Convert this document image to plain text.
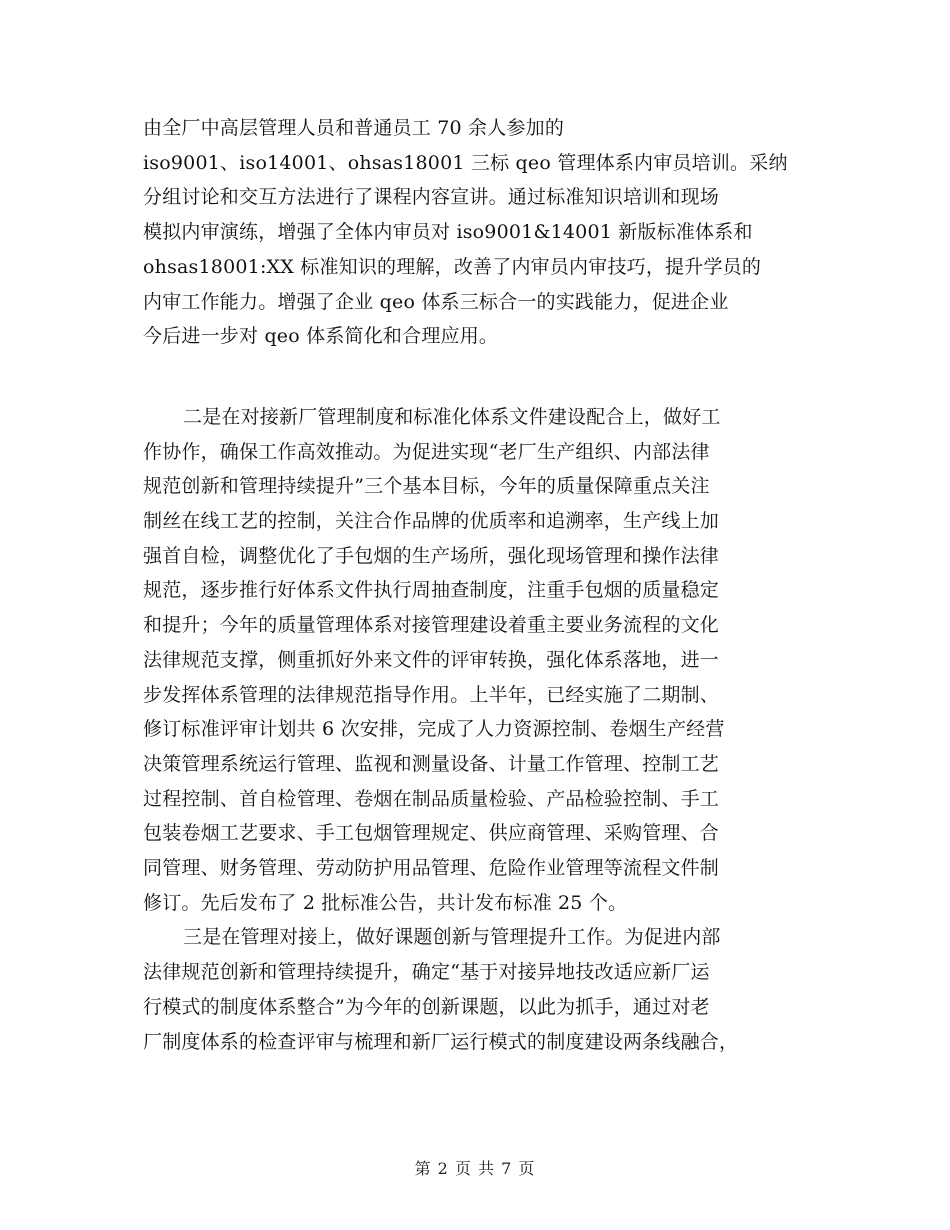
由全厂中高层管理人员和普通员工 70 余人参加的
iso9001、iso14001、ohsas18001 三标 qeo 管理体系内审员培训。采纳
分组讨论和交互方法进行了课程内容宣讲。通过标准知识培训和现场
模拟内审演练，增强了全体内审员对 iso9001&14001 新版标准体系和
ohsas18001:XX 标准知识的理解，改善了内审员内审技巧，提升学员的
内审工作能力。增强了企业 qeo 体系三标合一的实践能力，促进企业
今后进一步对 qeo 体系简化和合理应用。
二是在对接新厂管理制度和标准化体系文件建设配合上，做好工
作协作，确保工作高效推动。为促进实现“老厂生产组织、内部法律
规范创新和管理持续提升”三个基本目标，今年的质量保障重点关注
制丝在线工艺的控制，关注合作品牌的优质率和追溯率，生产线上加
强首自检，调整优化了手包烟的生产场所，强化现场管理和操作法律
规范，逐步推行好体系文件执行周抽查制度，注重手包烟的质量稳定
和提升；今年的质量管理体系对接管理建设着重主要业务流程的文化
法律规范支撑，侧重抓好外来文件的评审转换，强化体系落地，进一
步发挥体系管理的法律规范指导作用。上半年，已经实施了二期制、
修订标准评审计划共 6 次安排，完成了人力资源控制、卷烟生产经营
决策管理系统运行管理、监视和测量设备、计量工作管理、控制工艺
过程控制、首自检管理、卷烟在制品质量检验、产品检验控制、手工
包装卷烟工艺要求、手工包烟管理规定、供应商管理、采购管理、合
同管理、财务管理、劳动防护用品管理、危险作业管理等流程文件制
修订。先后发布了 2 批标准公告，共计发布标准 25 个。
三是在管理对接上，做好课题创新与管理提升工作。为促进内部
法律规范创新和管理持续提升，确定“基于对接异地技改适应新厂运
行模式的制度体系整合”为今年的创新课题，以此为抓手，通过对老
厂制度体系的检查评审与梳理和新厂运行模式的制度建设两条线融合，
第 2 页 共 7 页
